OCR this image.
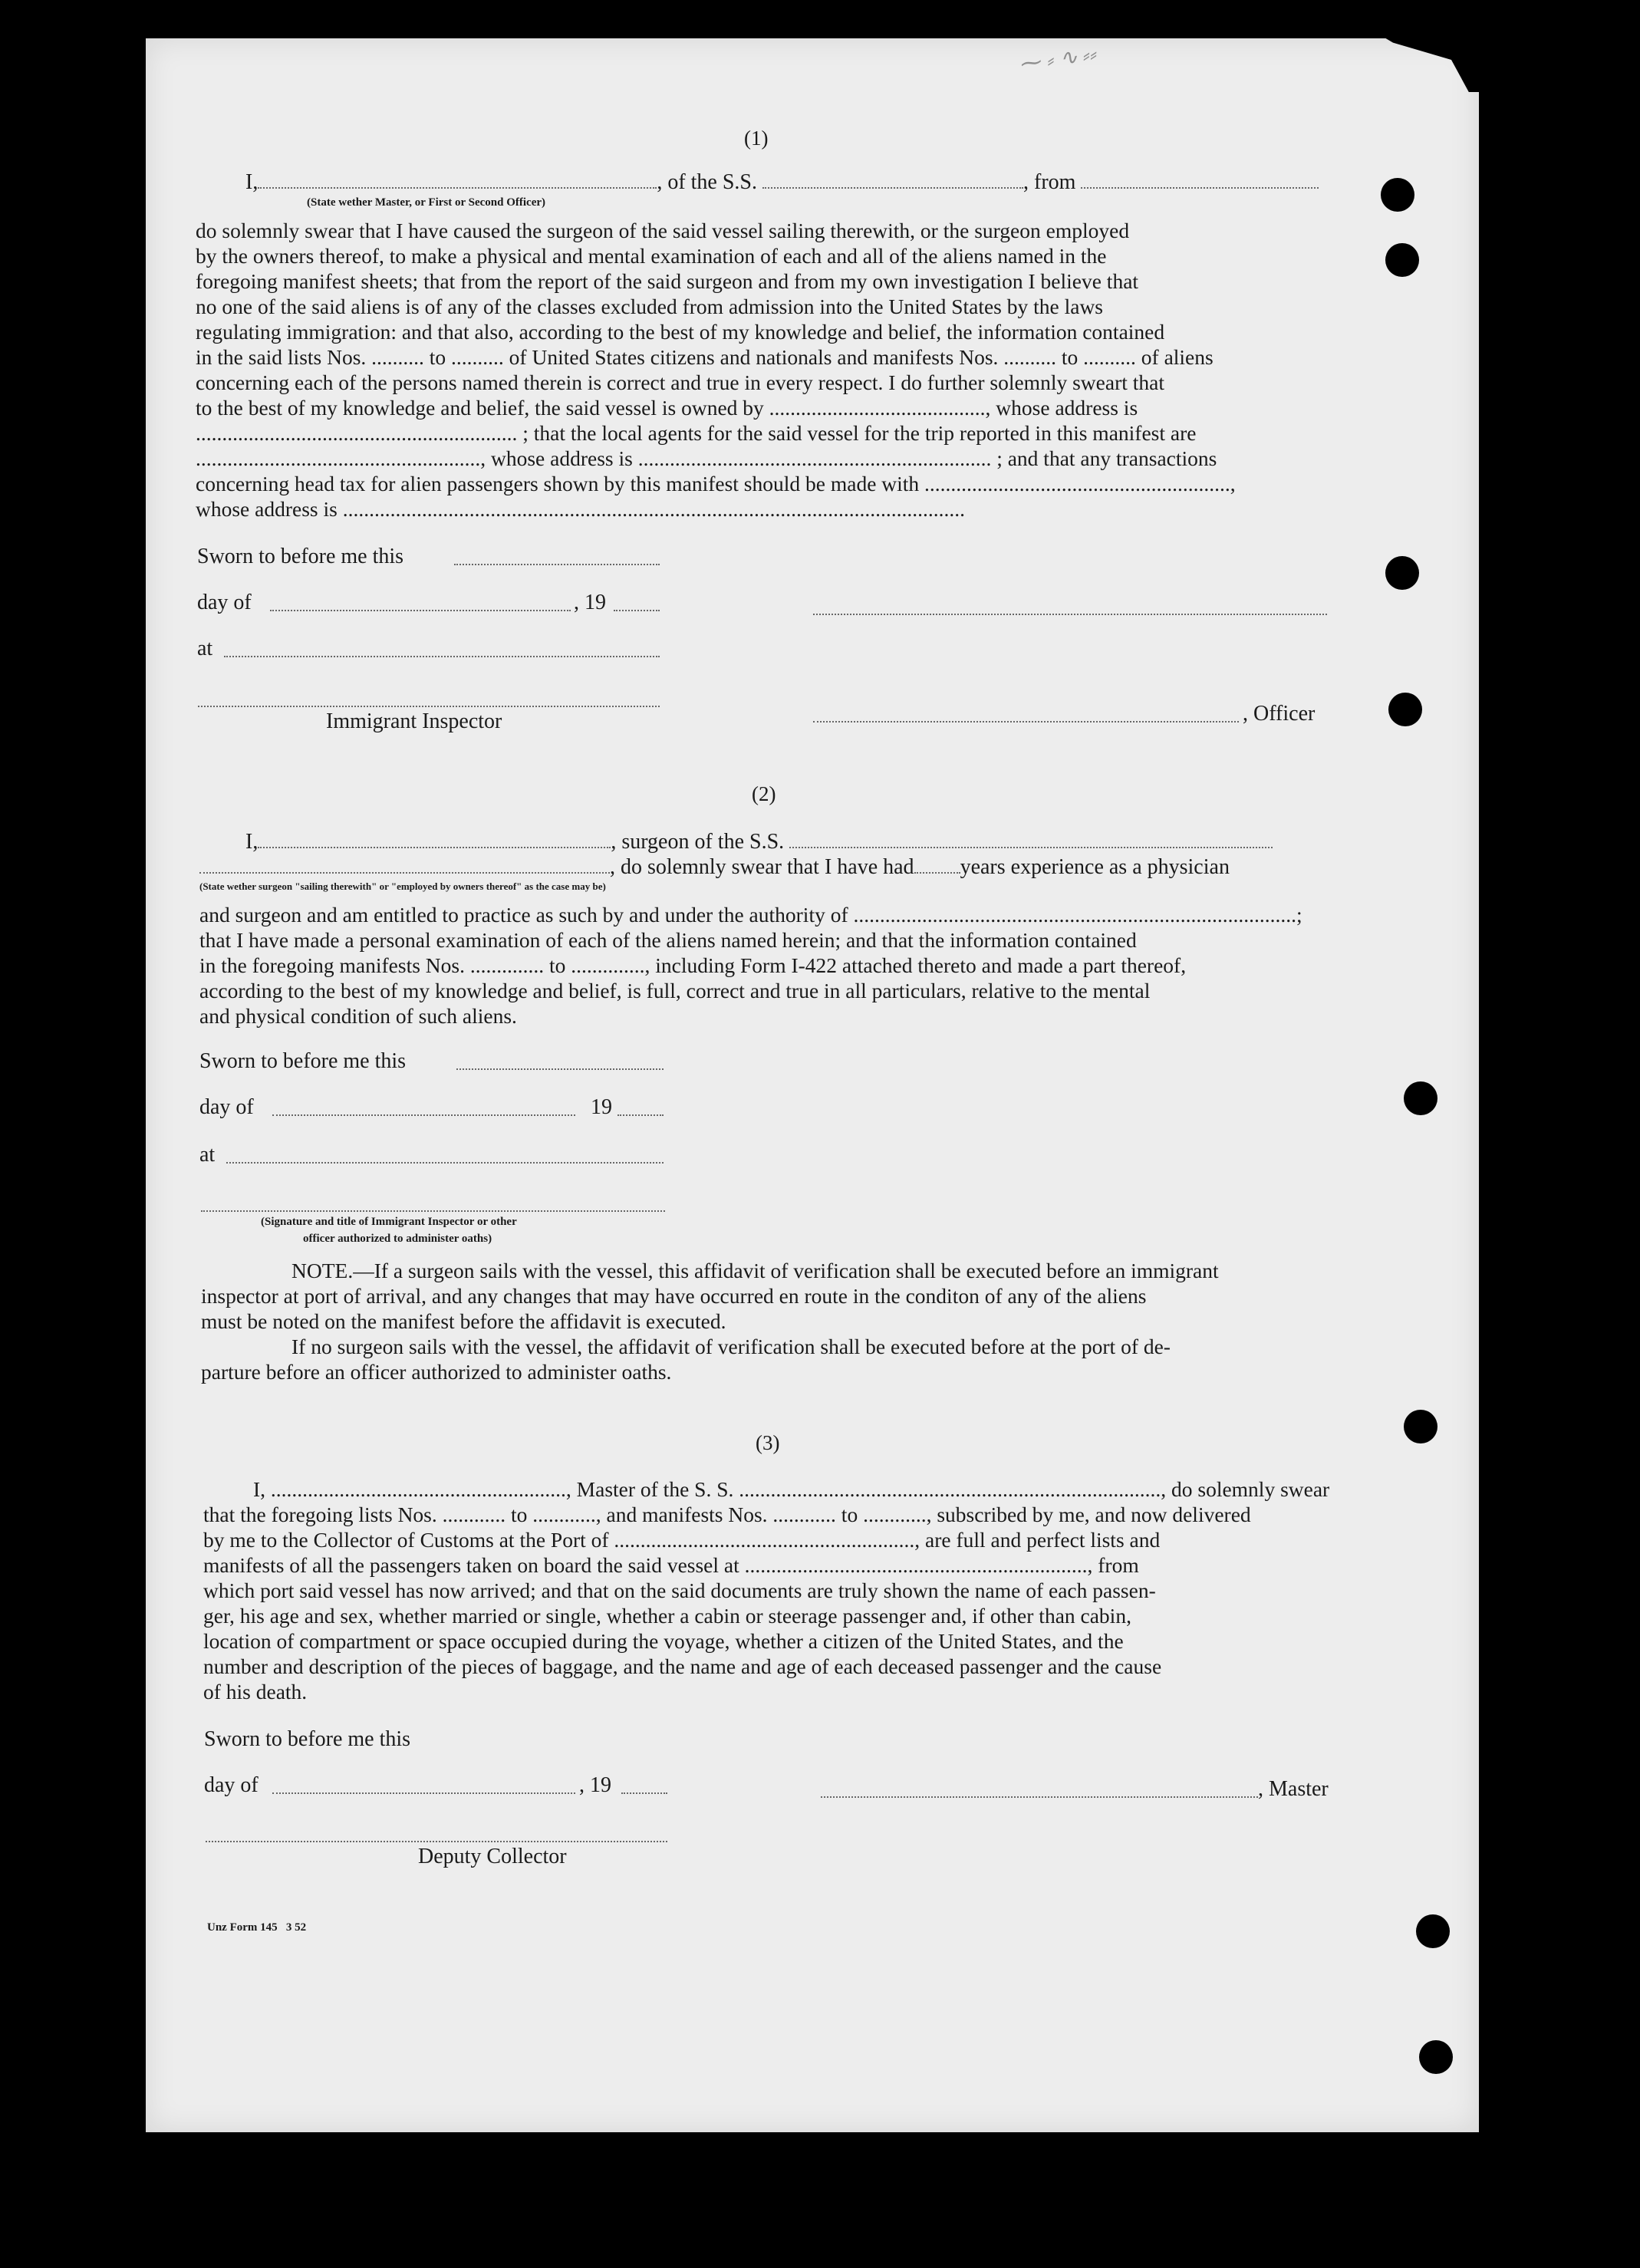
⁓ ⸗ ∿ ⸗⸗
(1)
I,	, of the S.S.	, from
(State wether Master, or First or Second Officer)
do solemnly swear that I have caused the surgeon of the said vessel sailing therewith, or the surgeon employed
by the owners thereof, to make a physical and mental examination of each and all of the aliens named in the
foregoing manifest sheets; that from the report of the said surgeon and from my own investigation I believe that
no one of the said aliens is of any of the classes excluded from admission into the United States by the laws
regulating immigration: and that also, according to the best of my knowledge and belief, the information contained
in the said lists Nos. .......... to .......... of United States citizens and nationals and manifests Nos. .......... to .......... of aliens
concerning each of the persons named therein is correct and true in every respect. I do further solemnly sweart that
to the best of my knowledge and belief, the said vessel is owned by ........................................., whose address is
............................................................. ; that the local agents for the said vessel for the trip reported in this manifest are
......................................................, whose address is ................................................................... ; and that any transactions
concerning head tax for alien passengers shown by this manifest should be made with ..........................................................,
whose address is ......................................................................................................................
Sworn to before me this
day of	, 19
at
Immigrant Inspector	, Officer
(2)
I,	, surgeon of the S.S.
, do solemnly swear that I have had years experience as a physician
(State wether surgeon "sailing therewith" or "employed by owners thereof" as the case may be)
and surgeon and am entitled to practice as such by and under the authority of ....................................................................................;
that I have made a personal examination of each of the aliens named herein; and that the information contained
in the foregoing manifests Nos. .............. to .............., including Form I-422 attached thereto and made a part thereof,
according to the best of my knowledge and belief, is full, correct and true in all particulars, relative to the mental
and physical condition of such aliens.
Sworn to before me this
day of	19
at
(Signature and title of Immigrant Inspector or other
officer authorized to administer oaths)
NOTE.—If a surgeon sails with the vessel, this affidavit of verification shall be executed before an immigrant
inspector at port of arrival, and any changes that may have occurred en route in the conditon of any of the aliens
must be noted on the manifest before the affidavit is executed.
If no surgeon sails with the vessel, the affidavit of verification shall be executed before at the port of de-
parture before an officer authorized to administer oaths.
(3)
I, ........................................................, Master of the S. S. ................................................................................, do solemnly swear
that the foregoing lists Nos. ............ to ............, and manifests Nos. ............ to ............, subscribed by me, and now delivered
by me to the Collector of Customs at the Port of ........................................................., are full and perfect lists and
manifests of all the passengers taken on board the said vessel at ................................................................., from
which port said vessel has now arrived; and that on the said documents are truly shown the name of each passen-
ger, his age and sex, whether married or single, whether a cabin or steerage passenger and, if other than cabin,
location of compartment or space occupied during the voyage, whether a citizen of the United States, and the
number and description of the pieces of baggage, and the name and age of each deceased passenger and the cause
of his death.
Sworn to before me this
day of	, 19	, Master
Deputy Collector
Unz Form 145   3 52
